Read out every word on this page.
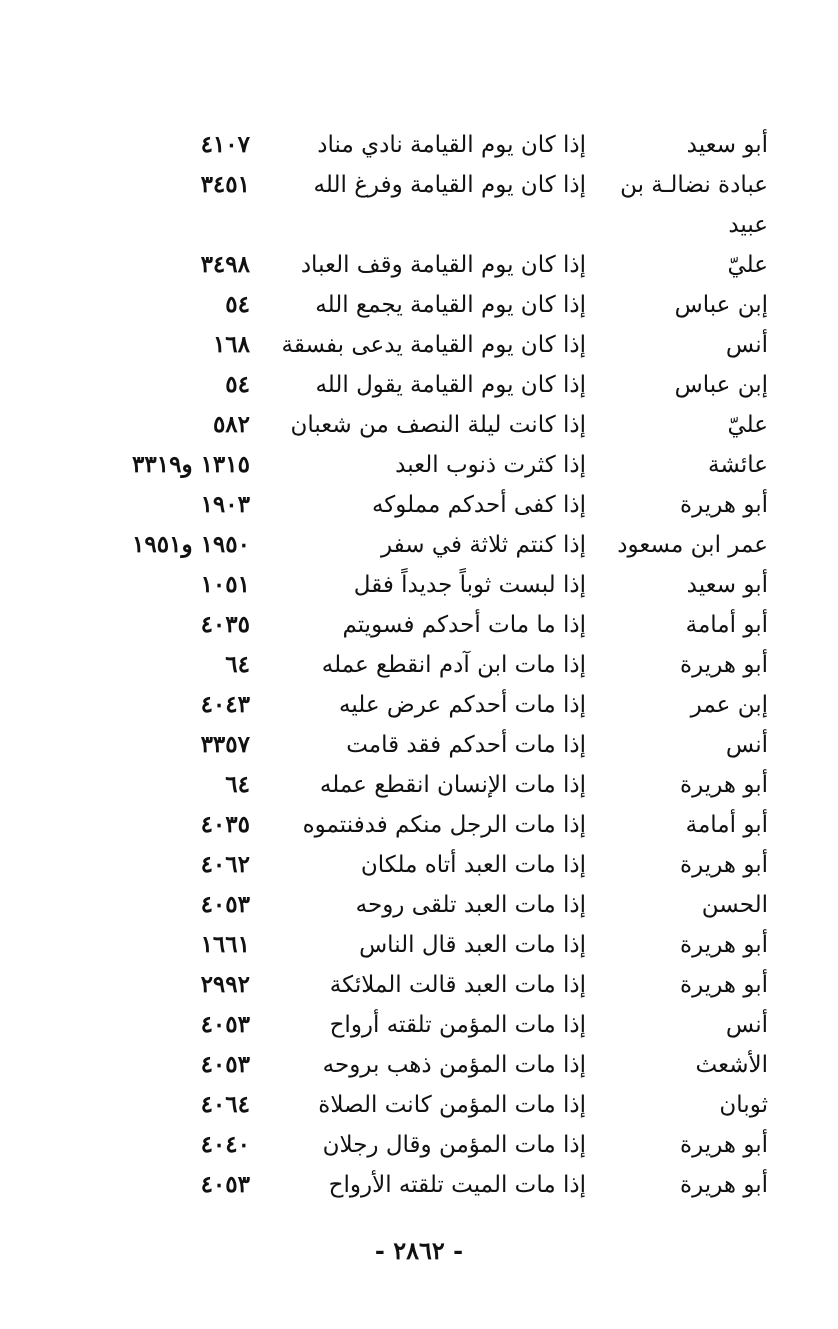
أبو سعيد
إذا كان يوم القيامة نادي مناد
٤١٠٧
عبادة نضالـة بن
إذا كان يوم القيامة وفرغ الله
٣٤٥١
عبيد
عليّ
إذا كان يوم القيامة وقف العباد
٣٤٩٨
إبن عباس
إذا كان يوم القيامة يجمع الله
٥٤
أنس
إذا كان يوم القيامة يدعى بفسقة
١٦٨
إبن عباس
إذا كان يوم القيامة يقول الله
٥٤
عليّ
إذا كانت ليلة النصف من شعبان
٥٨٢
عائشة
إذا كثرت ذنوب العبد
١٣١٥ و٣٣١٩
أبو هريرة
إذا كفى أحدكم مملوكه
١٩٠٣
عمر ابن مسعود
إذا كنتم ثلاثة في سفر
١٩٥٠ و١٩٥١
أبو سعيد
إذا لبست ثوباً جديداً فقل
١٠٥١
أبو أمامة
إذا ما مات أحدكم فسويتم
٤٠٣٥
أبو هريرة
إذا مات ابن آدم انقطع عمله
٦٤
إبن عمر
إذا مات أحدكم عرض عليه
٤٠٤٣
أنس
إذا مات أحدكم فقد قامت
٣٣٥٧
أبو هريرة
إذا مات الإنسان انقطع عمله
٦٤
أبو أمامة
إذا مات الرجل منكم فدفنتموه
٤٠٣٥
أبو هريرة
إذا مات العبد أتاه ملكان
٤٠٦٢
الحسن
إذا مات العبد تلقى روحه
٤٠٥٣
أبو هريرة
إذا مات العبد قال الناس
١٦٦١
أبو هريرة
إذا مات العبد قالت الملائكة
٢٩٩٢
أنس
إذا مات المؤمن تلقته أرواح
٤٠٥٣
الأشعث
إذا مات المؤمن ذهب بروحه
٤٠٥٣
ثوبان
إذا مات المؤمن كانت الصلاة
٤٠٦٤
أبو هريرة
إذا مات المؤمن وقال رجلان
٤٠٤٠
أبو هريرة
إذا مات الميت تلقته الأرواح
٤٠٥٣
- ٢٨٦٢ -
